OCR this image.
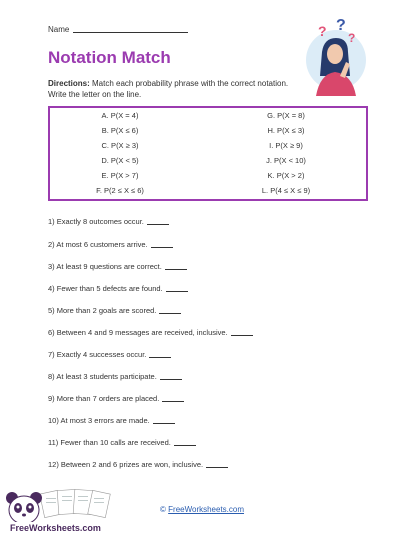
Name
Notation Match
? ?
?
Directions: Match each probability phrase with the correct notation. Write the letter on the line.
A. P(X = 4)
B. P(X ≤ 6)
C. P(X ≥ 3)
D. P(X < 5)
E. P(X > 7)
F. P(2 ≤ X ≤ 6)
G. P(X = 8)
H. P(X ≤ 3)
I. P(X ≥ 9)
J. P(X < 10)
K. P(X > 2)
L. P(4 ≤ X ≤ 9)
1) Exactly 8 outcomes occur.
2) At most 6 customers arrive.
3) At least 9 questions are correct.
4) Fewer than 5 defects are found.
5) More than 2 goals are scored.
6) Between 4 and 9 messages are received, inclusive.
7) Exactly 4 successes occur.
8) At least 3 students participate.
9) More than 7 orders are placed.
10) At most 3 errors are made.
11) Fewer than 10 calls are received.
12) Between 2 and 6 prizes are won, inclusive.
FreeWorksheets.com
© FreeWorksheets.com
